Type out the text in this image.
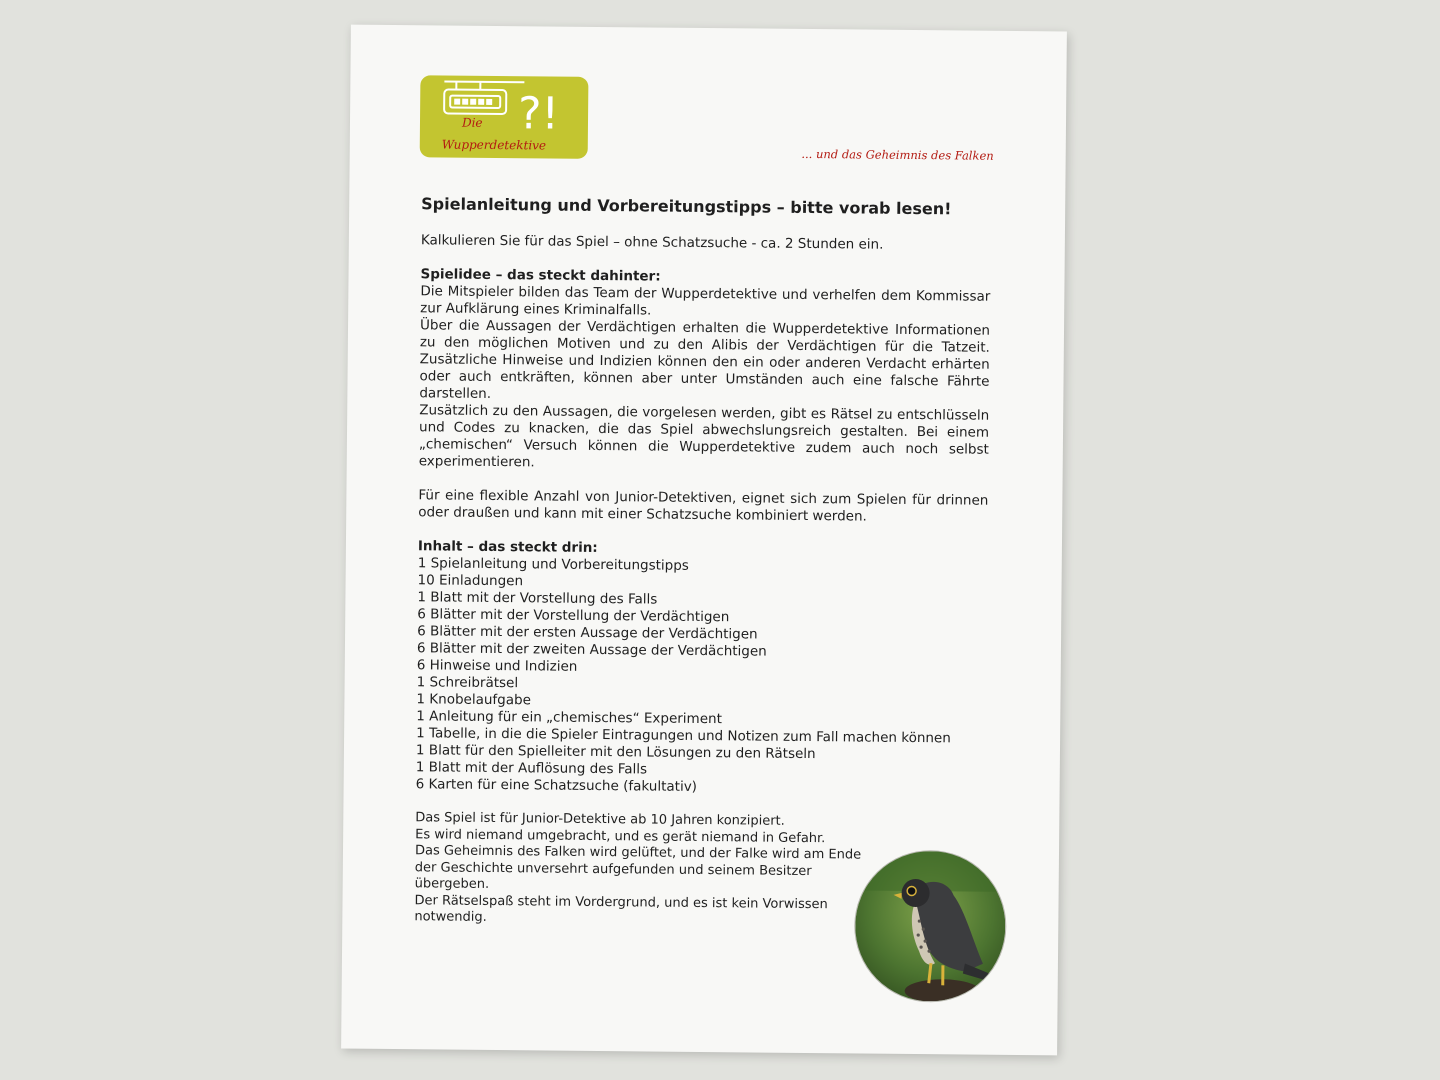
?!
Die
Wupperdetektive
... und das Geheimnis des Falken
Spielanleitung und Vorbereitungstipps – bitte vorab lesen!

Kalkulieren Sie für das Spiel – ohne Schatzsuche - ca. 2 Stunden ein.

Spielidee – das steckt dahinter:

Die Mitspieler bilden das Team der Wupperdetektive und verhelfen dem Kommissar zur Aufklärung eines Kriminalfalls.

Über die Aussagen der Verdächtigen erhalten die Wupperdetektive Informationen zu den möglichen Motiven und zu den Alibis der Verdächtigen für die Tatzeit. Zusätzliche Hinweise und Indizien können den ein oder anderen Verdacht erhärten oder auch entkräften, können aber unter Umständen auch eine falsche Fährte darstellen.

Zusätzlich zu den Aussagen, die vorgelesen werden, gibt es Rätsel zu entschlüsseln und Codes zu knacken, die das Spiel abwechslungsreich gestalten. Bei einem „chemischen“ Versuch können die Wupperdetektive zudem auch noch selbst experimentieren.

Für eine flexible Anzahl von Junior-Detektiven, eignet sich zum Spielen für drinnen oder draußen und kann mit einer Schatzsuche kombiniert werden.

Inhalt – das steckt drin:
1 Spielanleitung und Vorbereitungstipps
10 Einladungen
1 Blatt mit der Vorstellung des Falls
6 Blätter mit der Vorstellung der Verdächtigen
6 Blätter mit der ersten Aussage der Verdächtigen
6 Blätter mit der zweiten Aussage der Verdächtigen
6 Hinweise und Indizien
1 Schreibrätsel
1 Knobelaufgabe
1 Anleitung für ein „chemisches“ Experiment
1 Tabelle, in die die Spieler Eintragungen und Notizen zum Fall machen können
1 Blatt für den Spielleiter mit den Lösungen zu den Rätseln
1 Blatt mit der Auflösung des Falls
6 Karten für eine Schatzsuche (fakultativ)
Das Spiel ist für Junior-Detektive ab 10 Jahren konzipiert.
Es wird niemand umgebracht, und es gerät niemand in Gefahr.
Das Geheimnis des Falken wird gelüftet, und der Falke wird am Ende der Geschichte unversehrt aufgefunden und seinem Besitzer übergeben.
Der Rätselspaß steht im Vordergrund, und es ist kein Vorwissen notwendig.
